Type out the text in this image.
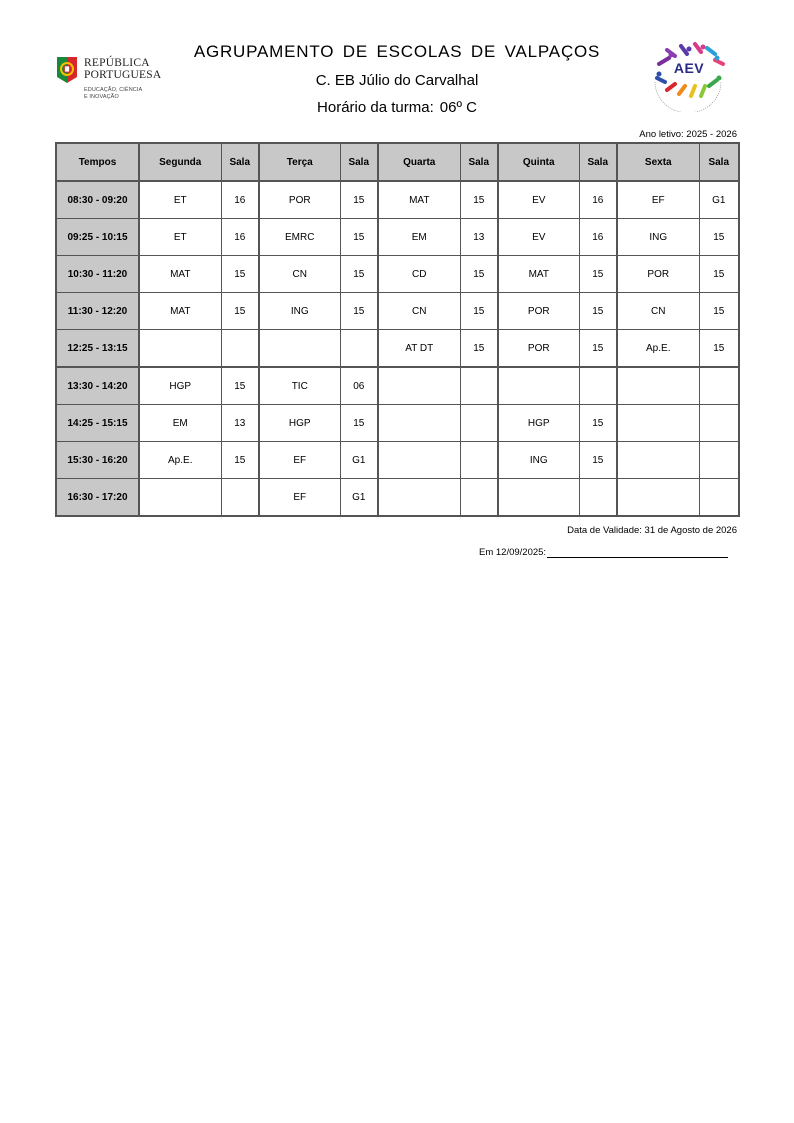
REPÚBLICA
PORTUGUESA
EDUCAÇÃO, CIÊNCIA
E INOVAÇÃO
AGRUPAMENTO DE ESCOLAS DE VALPAÇOS
C. EB Júlio do Carvalhal
Horário da turma: 06º C
AEV
Ano letivo: 2025 - 2026
Tempos	Segunda	Sala	Terça	Sala	Quarta	Sala	Quinta	Sala	Sexta	Sala
08:30 - 09:20	ET	16	POR	15	MAT	15	EV	16	EF	G1
09:25 - 10:15	ET	16	EMRC	15	EM	13	EV	16	ING	15
10:30 - 11:20	MAT	15	CN	15	CD	15	MAT	15	POR	15
11:30 - 12:20	MAT	15	ING	15	CN	15	POR	15	CN	15
12:25 - 13:15					AT DT	15	POR	15	Ap.E.	15
13:30 - 14:20	HGP	15	TIC	06						
14:25 - 15:15	EM	13	HGP	15			HGP	15		
15:30 - 16:20	Ap.E.	15	EF	G1			ING	15		
16:30 - 17:20			EF	G1						
Data de Validade: 31 de Agosto de 2026
Em 12/09/2025:
